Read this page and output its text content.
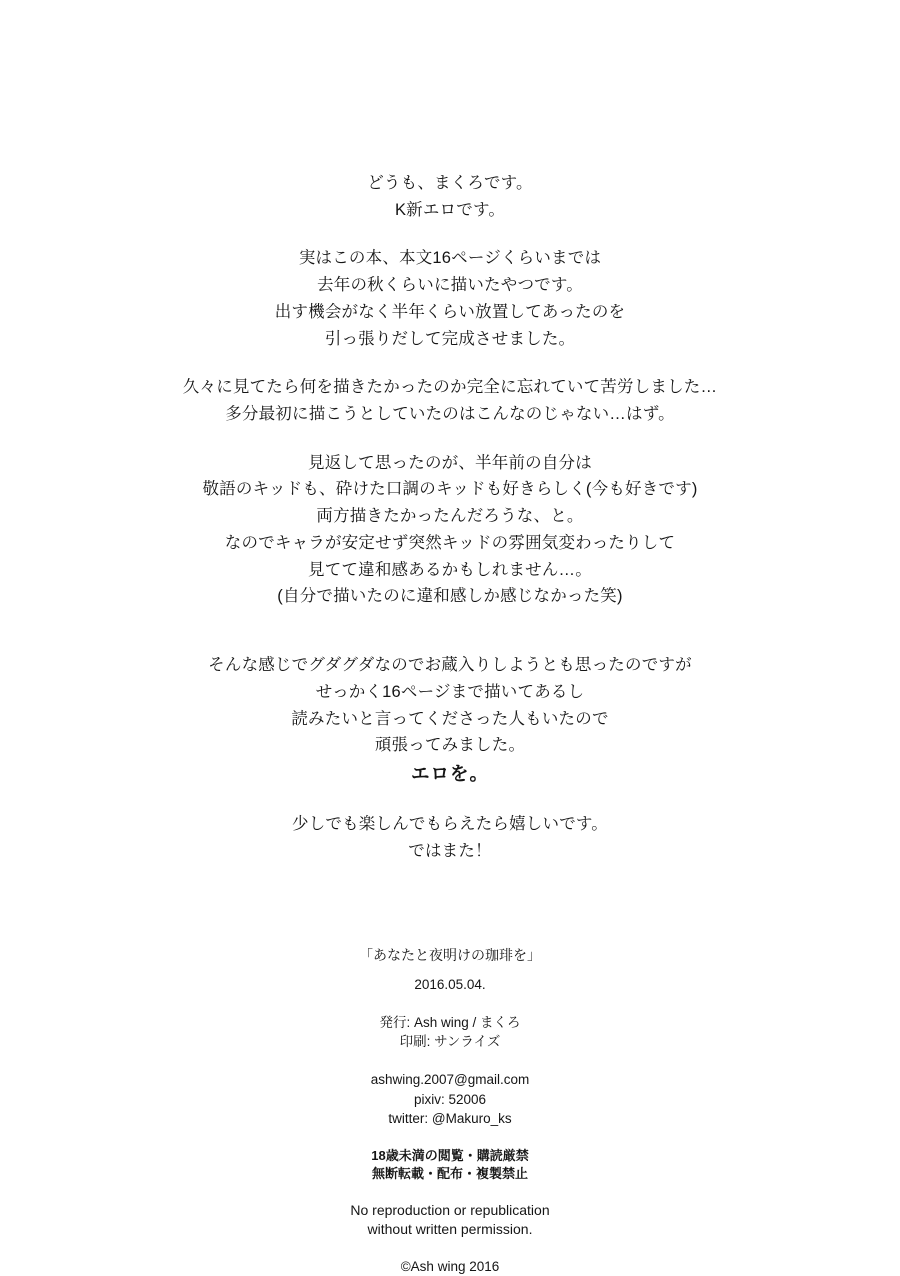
どうも、まくろです。
K新エロです。

実はこの本、本文16ページくらいまでは
去年の秋くらいに描いたやつです。
出す機会がなく半年くらい放置してあったのを
引っ張りだして完成させました。

久々に見てたら何を描きたかったのか完全に忘れていて苦労しました…
多分最初に描こうとしていたのはこんなのじゃない…はず。

見返して思ったのが、半年前の自分は
敬語のキッドも、砕けた口調のキッドも好きらしく(今も好きです)
両方描きたかったんだろうな、と。
なのでキャラが安定せず突然キッドの雰囲気変わったりして
見てて違和感あるかもしれません…。
(自分で描いたのに違和感しか感じなかった笑)

そんな感じでグダグダなのでお蔵入りしようとも思ったのですが
せっかく16ページまで描いてあるし
読みたいと言ってくださった人もいたので
頑張ってみました。
エロを。

少しでも楽しんでもらえたら嬉しいです。
ではまた！

「あなたと夜明けの珈琲を」
2016.05.04.
発行: Ash wing / まくろ
印刷: サンライズ
ashwing.2007@gmail.com
pixiv: 52006
twitter: @Makuro_ks
18歳未満の閲覧・購読厳禁
無断転載・配布・複製禁止
No reproduction or republication
without written permission.
©Ash wing 2016
